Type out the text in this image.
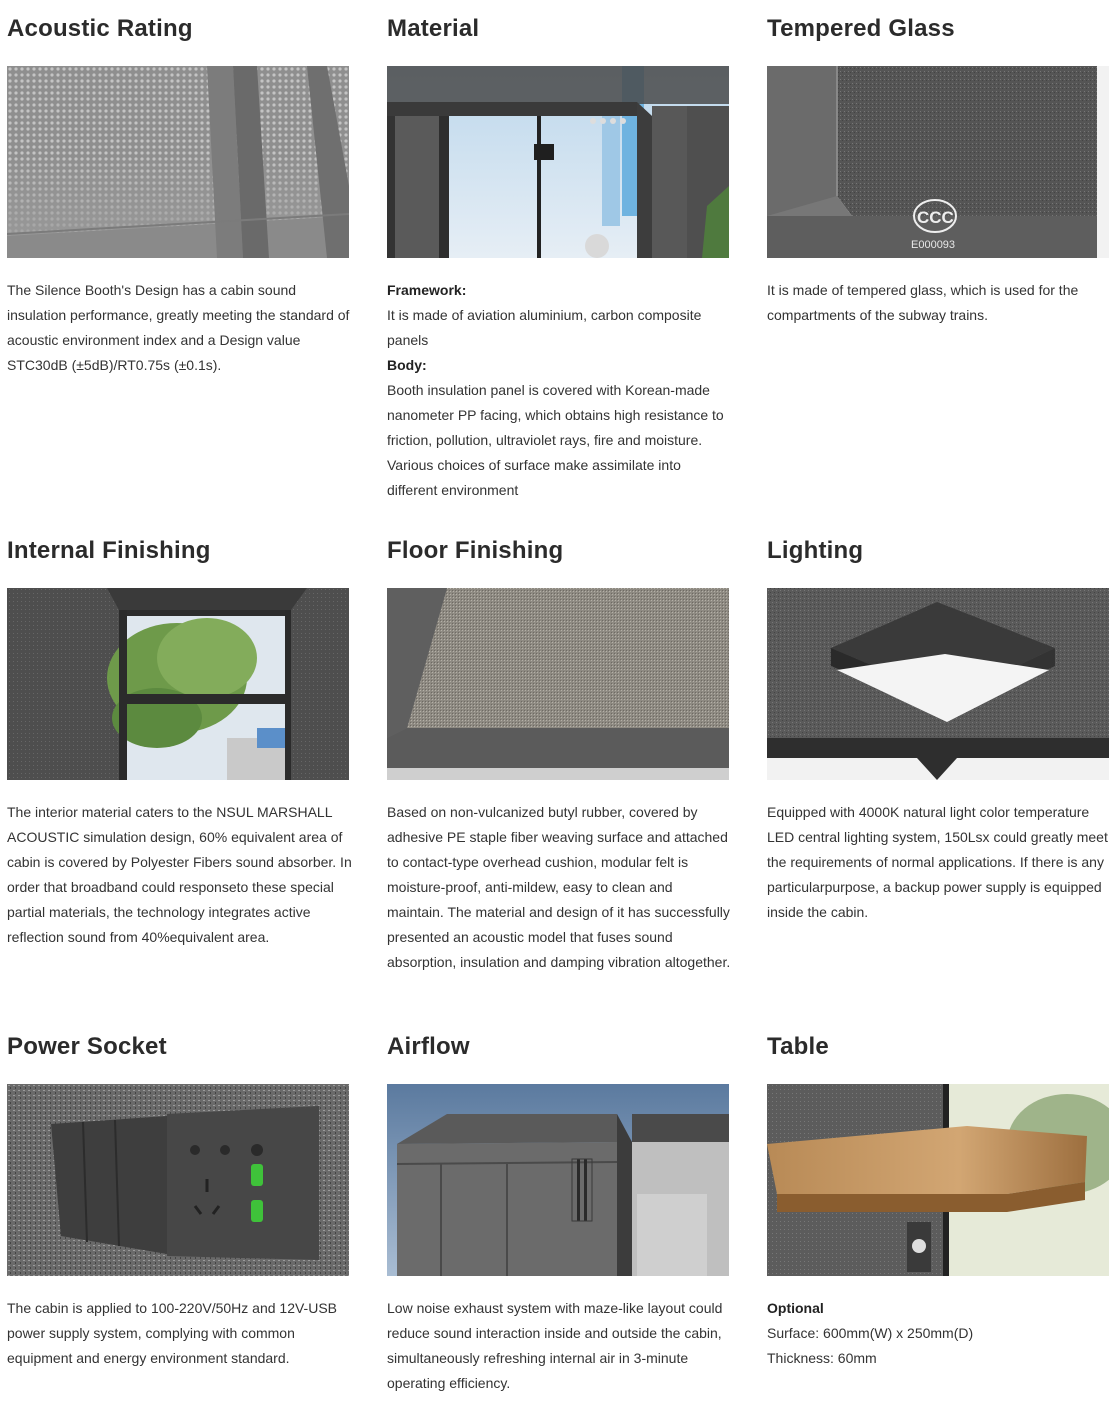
Acoustic Rating

The Silence Booth's Design has a cabin sound insulation performance, greatly meeting the standard of acoustic environment index and a Design value STC30dB (±5dB)/RT0.75s (±0.1s).

Material

Framework:

It is made of aviation aluminium, carbon composite panels

Body:

Booth insulation panel is covered with Korean-made nanometer PP facing, which obtains high resistance to friction, pollution, ultraviolet rays, fire and moisture. Various choices of surface make assimilate into different environment

Tempered Glass
CCC
E000093

It is made of tempered glass, which is used for the compartments of the subway trains.

Internal Finishing

The interior material caters to the NSUL MARSHALL ACOUSTIC simulation design, 60% equivalent area of cabin is covered by Polyester Fibers sound absorber. In order that broadband could responseto these special partial materials, the technology integrates active reflection sound from 40%equivalent area.

Floor Finishing

Based on non-vulcanized butyl rubber, covered by adhesive PE staple fiber weaving surface and attached to contact-type overhead cushion, modular felt is moisture-proof, anti-mildew, easy to clean and maintain. The material and design of it has successfully presented an acoustic model that fuses sound absorption, insulation and damping vibration altogether.

Lighting

Equipped with 4000K natural light color temperature LED central lighting system, 150Lsx could greatly meet the requirements of normal applications. If there is any particularpurpose, a backup power supply is equipped inside the cabin.

Power Socket

The cabin is applied to 100-220V/50Hz and 12V-USB power supply system, complying with common equipment and energy environment standard.

Airflow

Low noise exhaust system with maze-like layout could reduce sound interaction inside and outside the cabin, simultaneously refreshing internal air in 3-minute operating efficiency.

Table

Optional

Surface: 600mm(W) x 250mm(D)

Thickness: 60mm
